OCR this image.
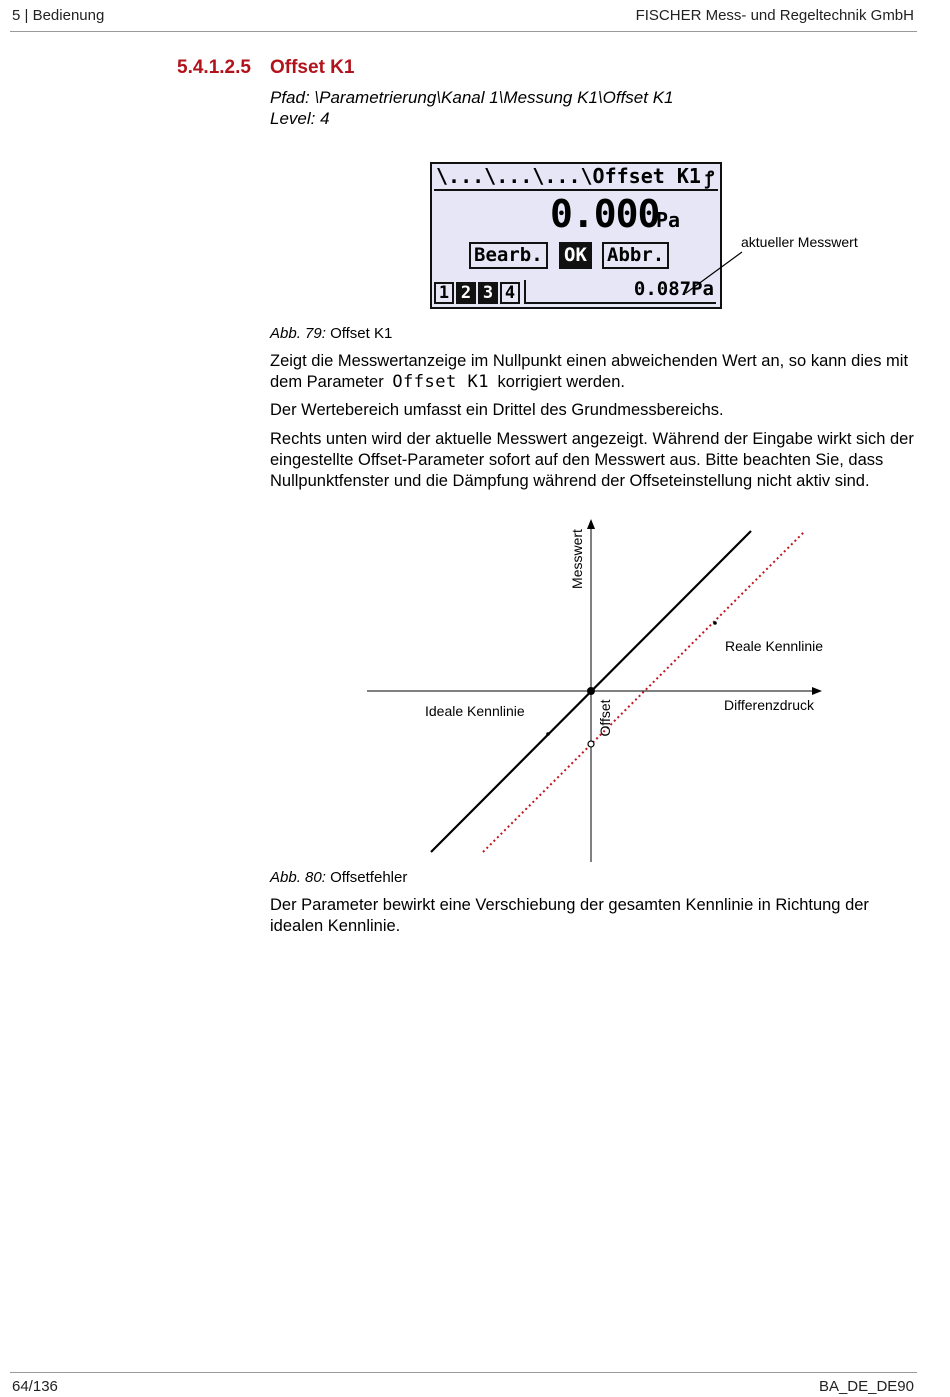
5 | Bedienung	FISCHER Mess- und Regeltechnik GmbH
5.4.1.2.5 Offset K1
Pfad: \Parametrierung\Kanal 1\Messung K1\Offset K1
Level: 4
\...\...\...\Offset K1 ꝭ
0.000
Pa
Bearb. OK Abbr.
1 2 3 4	0.087Pa
aktueller Messwert
Abb. 79: Offset K1
Zeigt die Messwertanzeige im Nullpunkt einen abweichenden Wert an, so kann dies mit dem Parameter Offset K1 korrigiert werden.
Der Wertebereich umfasst ein Drittel des Grundmessbereichs.
Rechts unten wird der aktuelle Messwert angezeigt. Während der Eingabe wirkt sich der eingestellte Offset-Parameter sofort auf den Messwert aus. Bitte beachten Sie, dass Nullpunktfenster und die Dämpfung während der Offseteinstellung nicht aktiv sind.
Messwert
Offset	Differenzdruck
Ideale Kennlinie
Reale Kennlinie
Abb. 80: Offsetfehler
Der Parameter bewirkt eine Verschiebung der gesamten Kennlinie in Richtung der idealen Kennlinie.
64/136	BA_DE_DE90
